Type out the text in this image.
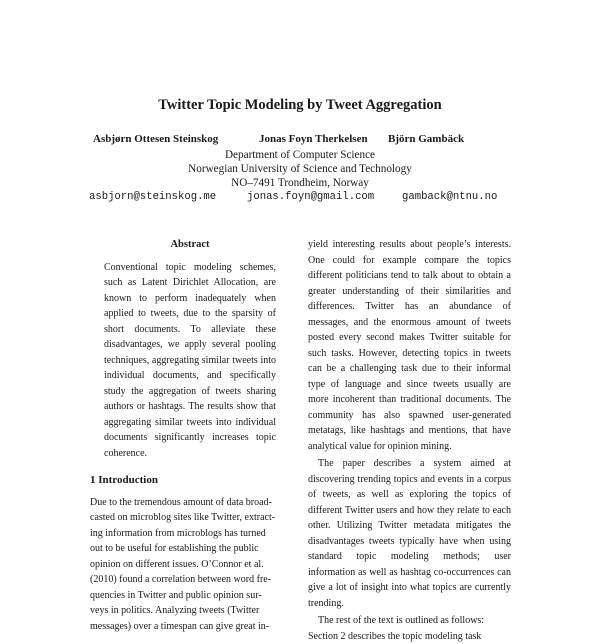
Twitter Topic Modeling by Tweet Aggregation
Asbjørn Ottesen Steinskog	Jonas Foyn Therkelsen Björn Gambäck
Department of Computer Science
Norwegian University of Science and Technology
NO–7491 Trondheim, Norway
asbjorn@steinskog.me	jonas.foyn@gmail.com	gamback@ntnu.no
Abstract

Conventional topic modeling schemes, such as Latent Dirichlet Allocation, are known to perform inadequately when applied to tweets, due to the sparsity of short documents. To alleviate these disadvantages, we apply several pooling techniques, aggregating similar tweets into individual documents, and specifically study the aggregation of tweets sharing authors or hashtags. The results show that aggregating similar tweets into individual documents significantly increases topic coherence.

1 Introduction
Due to the tremendous amount of data broad-
casted on microblog sites like Twitter, extract-
ing information from microblogs has turned
out to be useful for establishing the public
opinion on different issues. O’Connor et al.
(2010) found a correlation between word fre-
quencies in Twitter and public opinion sur-
veys in politics. Analyzing tweets (Twitter
messages) over a timespan can give great in-

yield interesting results about people’s interests. One could for example compare the topics different politicians tend to talk about to obtain a greater understanding of their similarities and differences. Twitter has an abundance of messages, and the enormous amount of tweets posted every second makes Twitter suitable for such tasks. However, detecting topics in tweets can be a challenging task due to their informal type of language and since tweets usually are more incoherent than traditional documents. The community has also spawned user-generated metatags, like hashtags and mentions, that have analytical value for opinion mining.

The paper describes a system aimed at discovering trending topics and events in a corpus of tweets, as well as exploring the topics of different Twitter users and how they relate to each other. Utilizing Twitter metadata mitigates the disadvantages tweets typically have when using standard topic modeling methods; user information as well as hashtag co-occurrences can give a lot of insight into what topics are currently trending.

The rest of the text is outlined as follows:
Section 2 describes the topic modeling task
